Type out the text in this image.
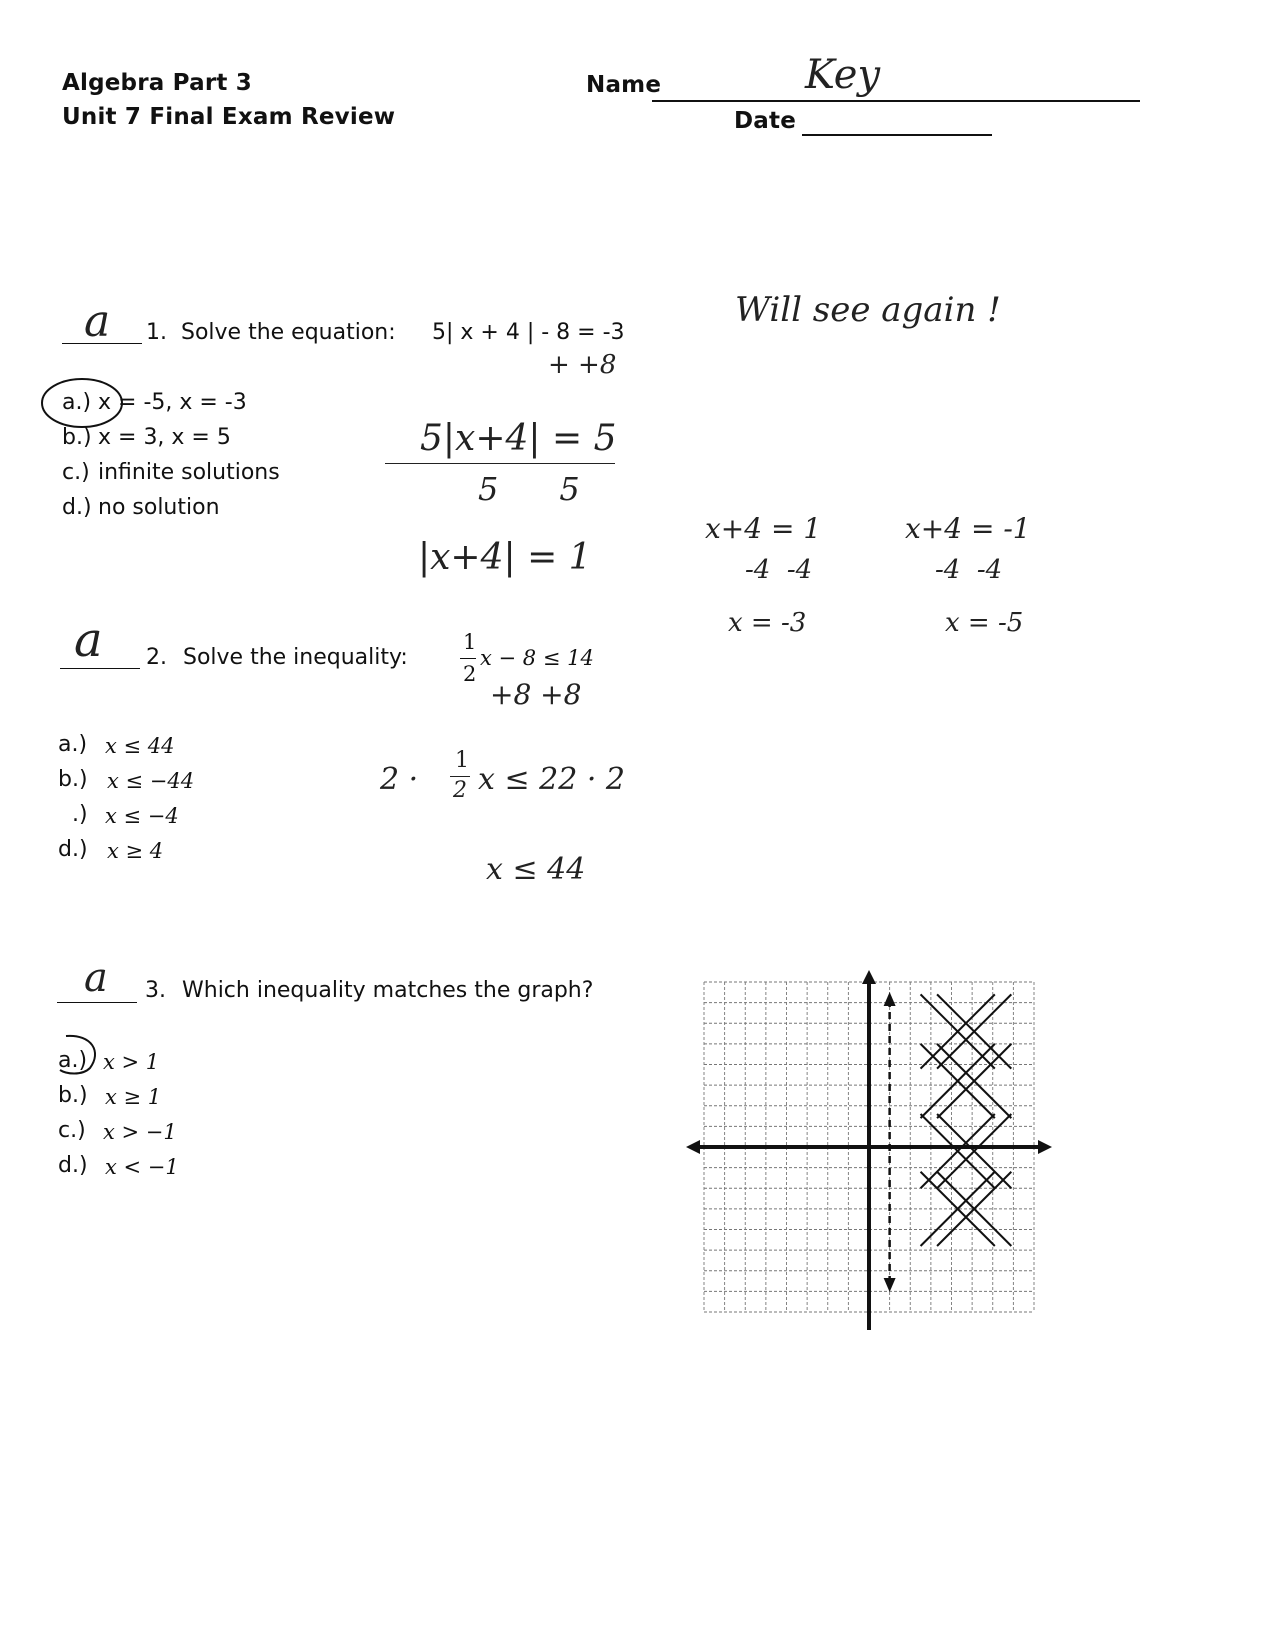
Algebra Part 3
Unit 7 Final Exam Review
Name	Key
Date
Will see again !
a 1. Solve the equation: 5| x + 4 | - 8 = -3
a.) x = -5, x = -3
b.) x = 3, x = 5
c.) infinite solutions
d.) no solution
+ +8
5|x+4| = 5
5      5
|x+4| = 1
x+4 = 1
-4  -4
x = -3
x+4 = -1
-4  -4
x = -5
a 2. Solve the inequality:
1
2
x − 8 ≤ 14
a.) x ≤ 44
b.) x ≤ −44
.) x ≤ −4
d.) x ≥ 4
+8 +8
2 ·
1
2 x ≤ 22 · 2
x ≤ 44
a 3. Which inequality matches the graph?
a.) x > 1
b.) x ≥ 1
c.) x > −1
d.) x < −1
